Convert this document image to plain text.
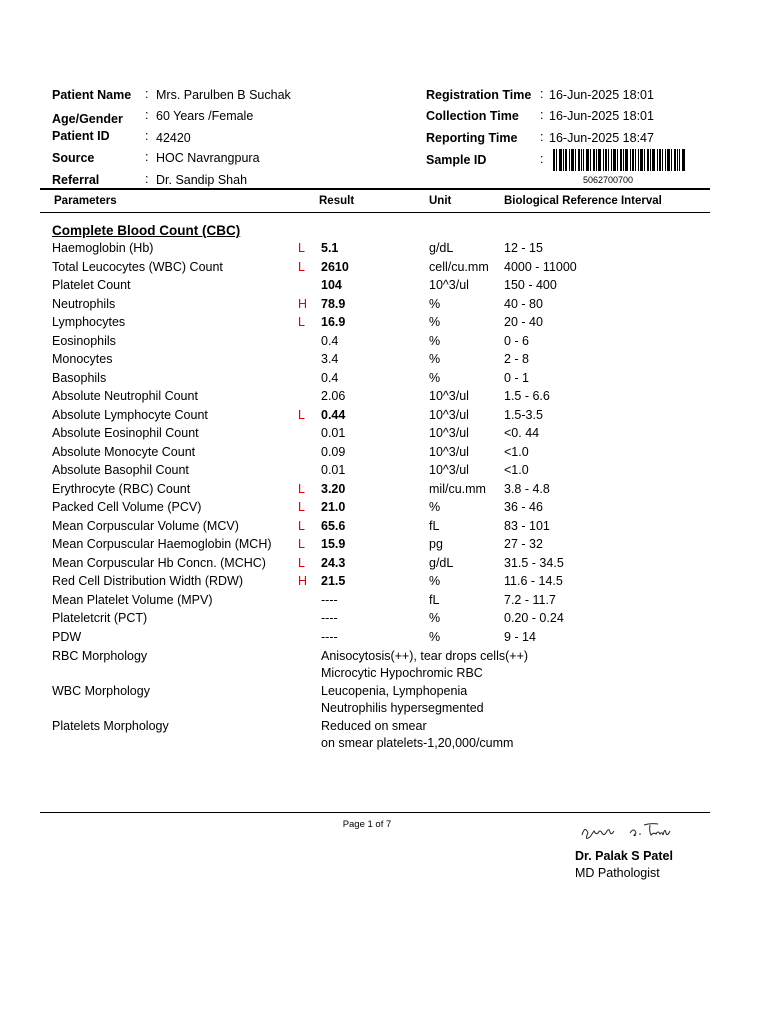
Patient Name : Mrs. Parulben B Suchak
Age/Gender : 60 Years /Female
Patient ID	: 42420
Source	: HOC Navrangpura
Referral	: Dr. Sandip Shah
Registration Time : 16-Jun-2025 18:01
Collection Time : 16-Jun-2025 18:01
Reporting Time : 16-Jun-2025 18:47
Sample ID	:
5062700700
Parameters	Result	Unit	Biological Reference Interval
Complete Blood Count (CBC)
Haemoglobin (Hb)	L 5.1	g/dL	12 - 15
Total Leucocytes (WBC) Count	L 2610	cell/cu.mm 4000 - 11000
Platelet Count	104	10^3/ul	150 - 400
Neutrophils	H 78.9	%	40 - 80
Lymphocytes	L 16.9	%	20 - 40
Eosinophils	0.4	%	0 - 6
Monocytes	3.4	%	2 - 8
Basophils	0.4	%	0 - 1
Absolute Neutrophil Count	2.06	10^3/ul	1.5 - 6.6
Absolute Lymphocyte Count	L 0.44	10^3/ul	1.5-3.5
Absolute Eosinophil Count	0.01	10^3/ul	<0. 44
Absolute Monocyte Count	0.09	10^3/ul	<1.0
Absolute Basophil Count	0.01	10^3/ul	<1.0
Erythrocyte (RBC) Count	L 3.20	mil/cu.mm 3.8 - 4.8
Packed Cell Volume (PCV)	L 21.0	%	36 - 46
Mean Corpuscular Volume (MCV)	L 65.6	fL	83 - 101
Mean Corpuscular Haemoglobin (MCH) L 15.9	pg	27 - 32
Mean Corpuscular Hb Concn. (MCHC)	L 24.3	g/dL	31.5 - 34.5
Red Cell Distribution Width (RDW)	H 21.5	%	11.6 - 14.5
Mean Platelet Volume (MPV)	----	fL	7.2 - 11.7
Plateletcrit (PCT)	----	%	0.20 - 0.24
PDW	----	%	9 - 14
RBC Morphology	Anisocytosis(++), tear drops cells(++)
Microcytic Hypochromic RBC
WBC Morphology	Leucopenia, Lymphopenia
Neutrophilis hypersegmented
Platelets Morphology	Reduced on smear
on smear platelets-1,20,000/cumm
Page 1 of 7
Dr. Palak S Patel
MD Pathologist
